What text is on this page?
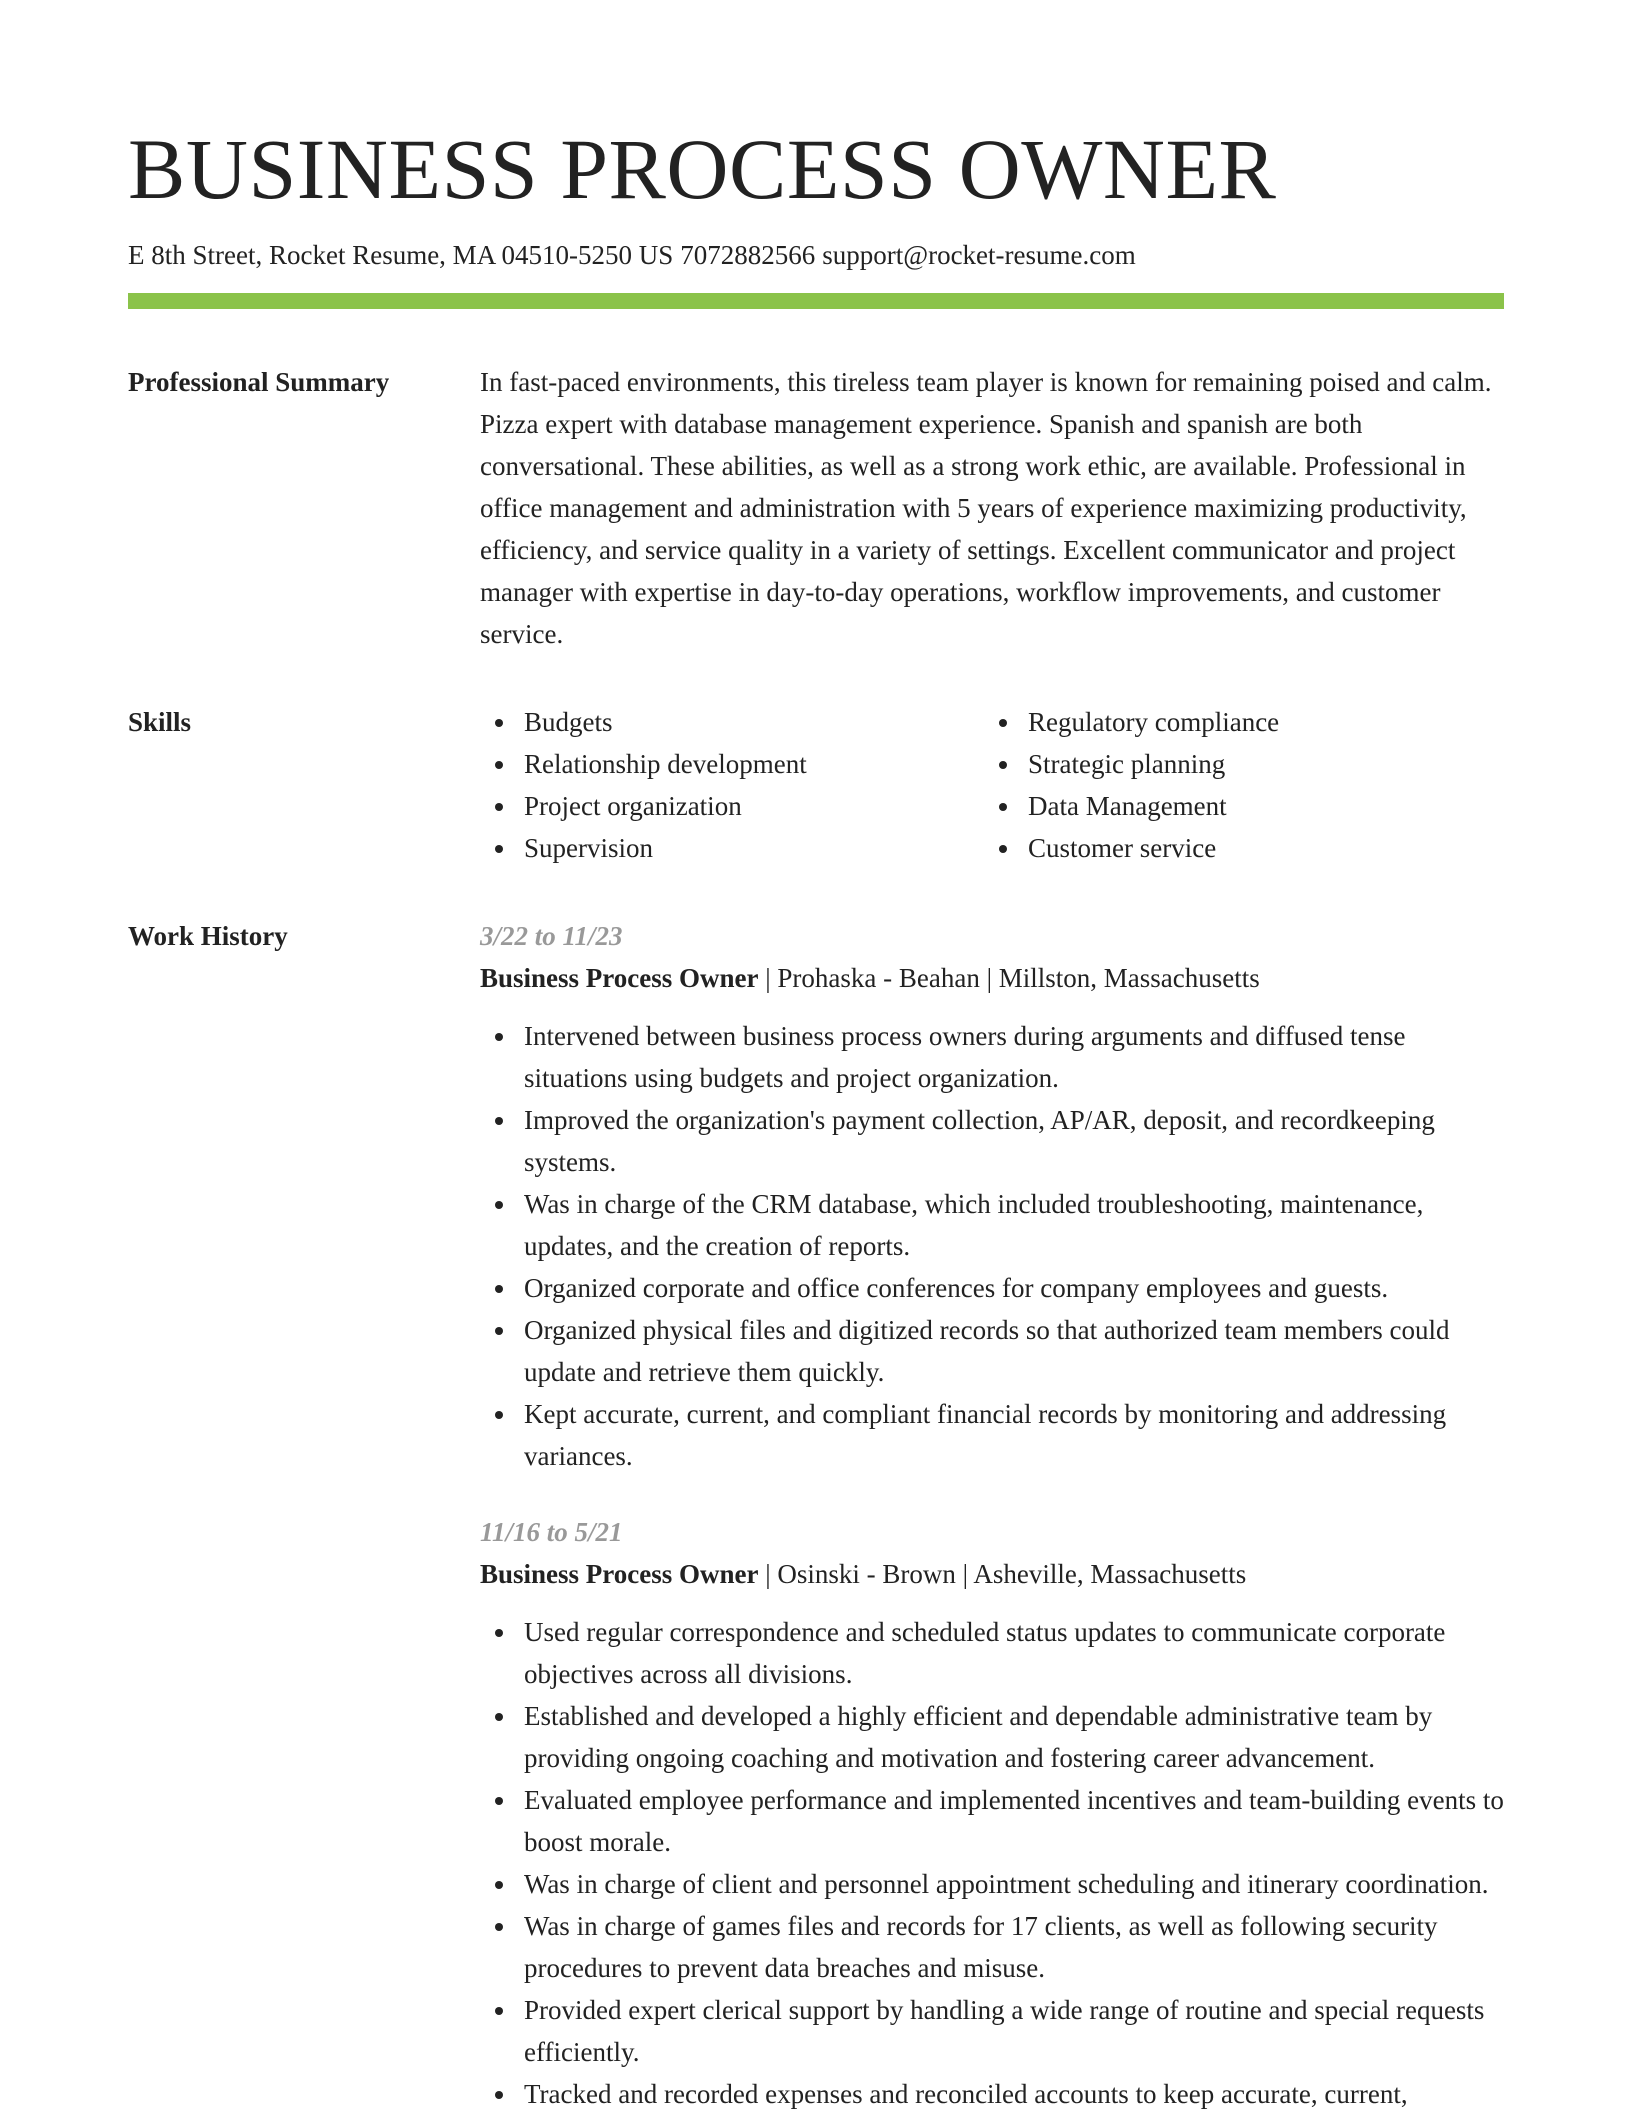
BUSINESS PROCESS OWNER
E 8th Street, Rocket Resume, MA 04510-5250 US 7072882566 support@rocket-resume.com
Professional Summary	In fast-paced environments, this tireless team player is known for remaining poised and calm. Pizza expert with database management experience. Spanish and spanish are both conversational. These abilities, as well as a strong work ethic, are available. Professional in office management and administration with 5 years of experience maximizing productivity, efficiency, and service quality in a variety of settings. Excellent communicator and project manager with expertise in day-to-day operations, workflow improvements, and customer service.

Skills	Budgets
Relationship development
Project organization
Supervision
Regulatory compliance
Strategic planning
Data Management
Customer service
Work History	3/22 to 11/23
Business Process Owner | Prohaska - Beahan | Millston, Massachusetts
Intervened between business process owners during arguments and diffused tense situations using budgets and project organization.
Improved the organization's payment collection, AP/AR, deposit, and recordkeeping systems.
Was in charge of the CRM database, which included troubleshooting, maintenance, updates, and the creation of reports.
Organized corporate and office conferences for company employees and guests.
Organized physical files and digitized records so that authorized team members could update and retrieve them quickly.
Kept accurate, current, and compliant financial records by monitoring and addressing variances.
11/16 to 5/21
Business Process Owner | Osinski - Brown | Asheville, Massachusetts
Used regular correspondence and scheduled status updates to communicate corporate objectives across all divisions.
Established and developed a highly efficient and dependable administrative team by providing ongoing coaching and motivation and fostering career advancement.
Evaluated employee performance and implemented incentives and team-building events to boost morale.
Was in charge of client and personnel appointment scheduling and itinerary coordination.
Was in charge of games files and records for 17 clients, as well as following security procedures to prevent data breaches and misuse.
Provided expert clerical support by handling a wide range of routine and special requests efficiently.
Tracked and recorded expenses and reconciled accounts to keep accurate, current,
